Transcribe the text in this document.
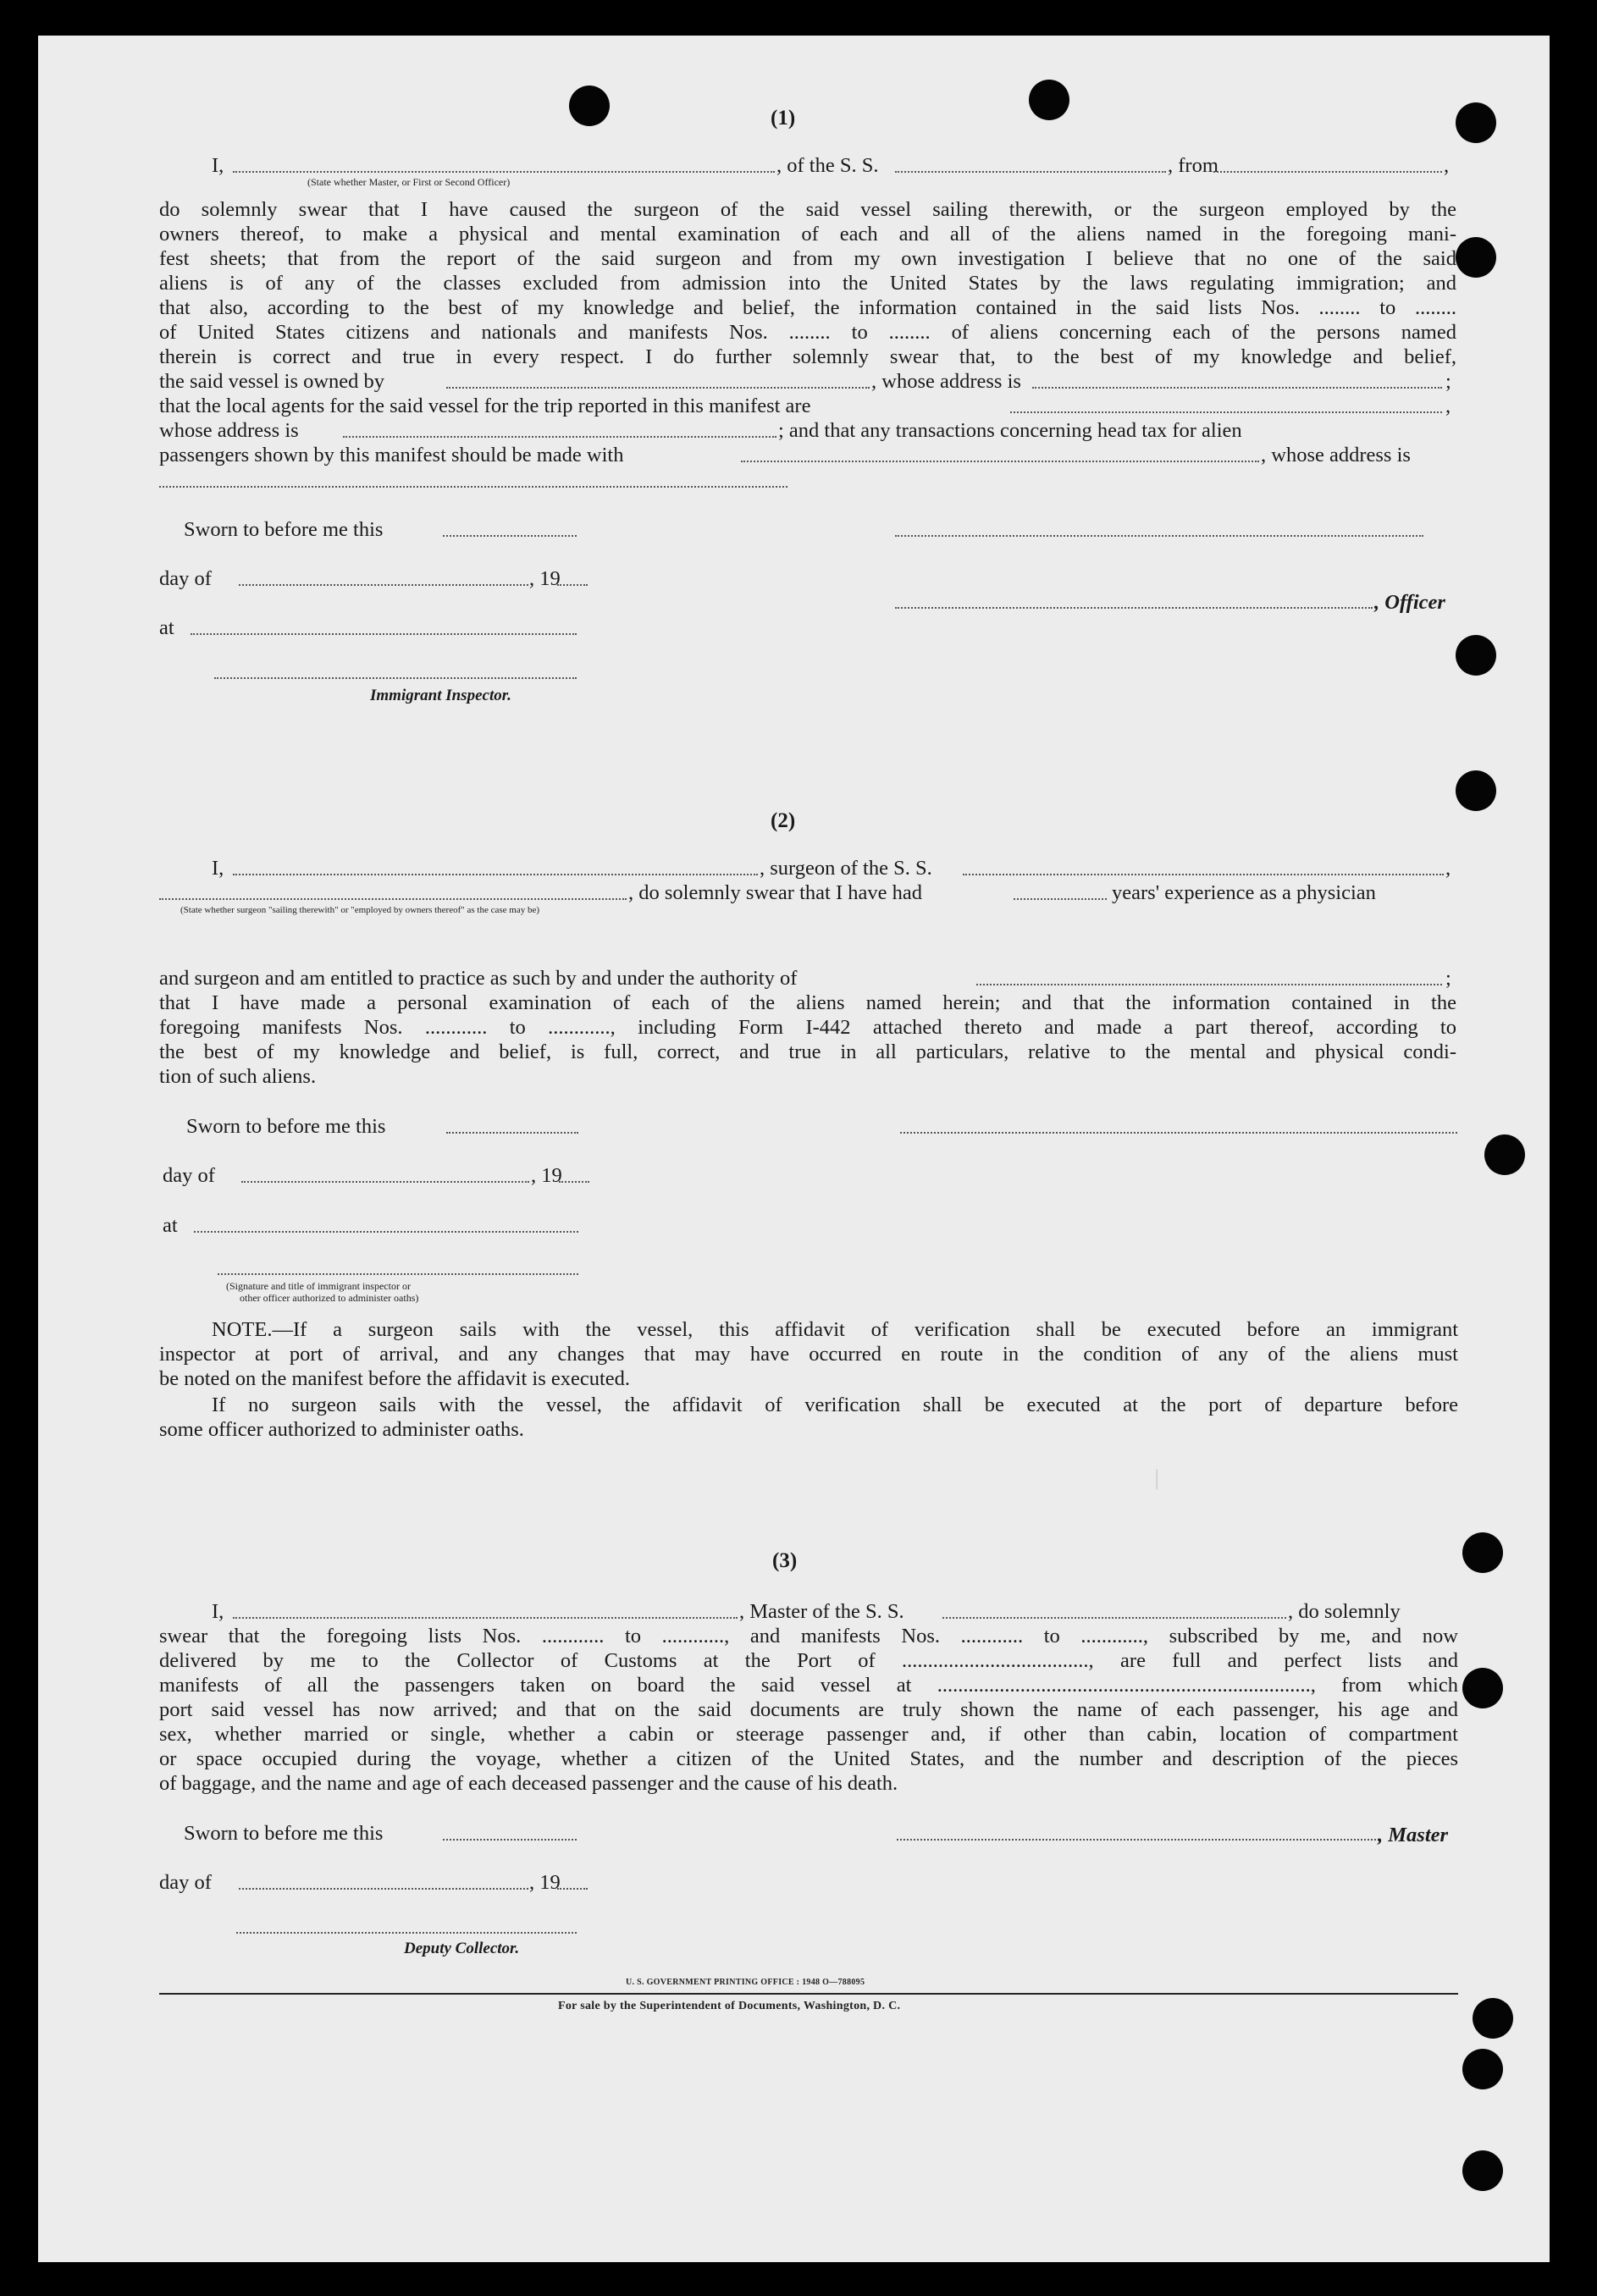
—
(1)
I,	, of the S. S.	, from	,
(State whether Master, or First or Second Officer)
do solemnly swear that I have caused the surgeon of the said vessel sailing therewith, or the surgeon employed by the
owners thereof, to make a physical and mental examination of each and all of the aliens named in the foregoing mani-
fest sheets; that from the report of the said surgeon and from my own investigation I believe that no one of the said
aliens is of any of the classes excluded from admission into the United States by the laws regulating immigration; and
that also, according to the best of my knowledge and belief, the information contained in the said lists Nos. ........ to ........
of United States citizens and nationals and manifests Nos. ........ to ........ of aliens concerning each of the persons named
therein is correct and true in every respect. I do further solemnly swear that, to the best of my knowledge and belief,
the said vessel is owned by	, whose address is	;
that the local agents for the said vessel for the trip reported in this manifest are	,
whose address is	; and that any transactions concerning head tax for alien
passengers shown by this manifest should be made with	, whose address is
Sworn to before me this
day of	, 19
, Officer
at
Immigrant Inspector.
(2)
I,	, surgeon of the S. S.	,
, do solemnly swear that I have had	years' experience as a physician
(State whether surgeon "sailing therewith" or "employed by owners thereof" as the case may be)
and surgeon and am entitled to practice as such by and under the authority of	;
that I have made a personal examination of each of the aliens named herein; and that the information contained in the
foregoing manifests Nos. ............ to ............, including Form I-442 attached thereto and made a part thereof, according to
the best of my knowledge and belief, is full, correct, and true in all particulars, relative to the mental and physical condi-
tion of such aliens.
Sworn to before me this
day of	, 19
at
(Signature and title of immigrant inspector or
other officer authorized to administer oaths)
NOTE.—If a surgeon sails with the vessel, this affidavit of verification shall be executed before an immigrant
inspector at port of arrival, and any changes that may have occurred en route in the condition of any of the aliens must
be noted on the manifest before the affidavit is executed.
If no surgeon sails with the vessel, the affidavit of verification shall be executed at the port of departure before
some officer authorized to administer oaths.
(3)
I,	, Master of the S. S.	, do solemnly
swear that the foregoing lists Nos. ............ to ............, and manifests Nos. ............ to ............, subscribed by me, and now
delivered by me to the Collector of Customs at the Port of ...................................., are full and perfect lists and
manifests of all the passengers taken on board the said vessel at ........................................................................, from which
port said vessel has now arrived; and that on the said documents are truly shown the name of each passenger, his age and
sex, whether married or single, whether a cabin or steerage passenger and, if other than cabin, location of compartment
or space occupied during the voyage, whether a citizen of the United States, and the number and description of the pieces
of baggage, and the name and age of each deceased passenger and the cause of his death.
Sworn to before me this	, Master
day of	, 19
Deputy Collector.
U. S. GOVERNMENT PRINTING OFFICE : 1948 O—788095
For sale by the Superintendent of Documents, Washington, D. C.
